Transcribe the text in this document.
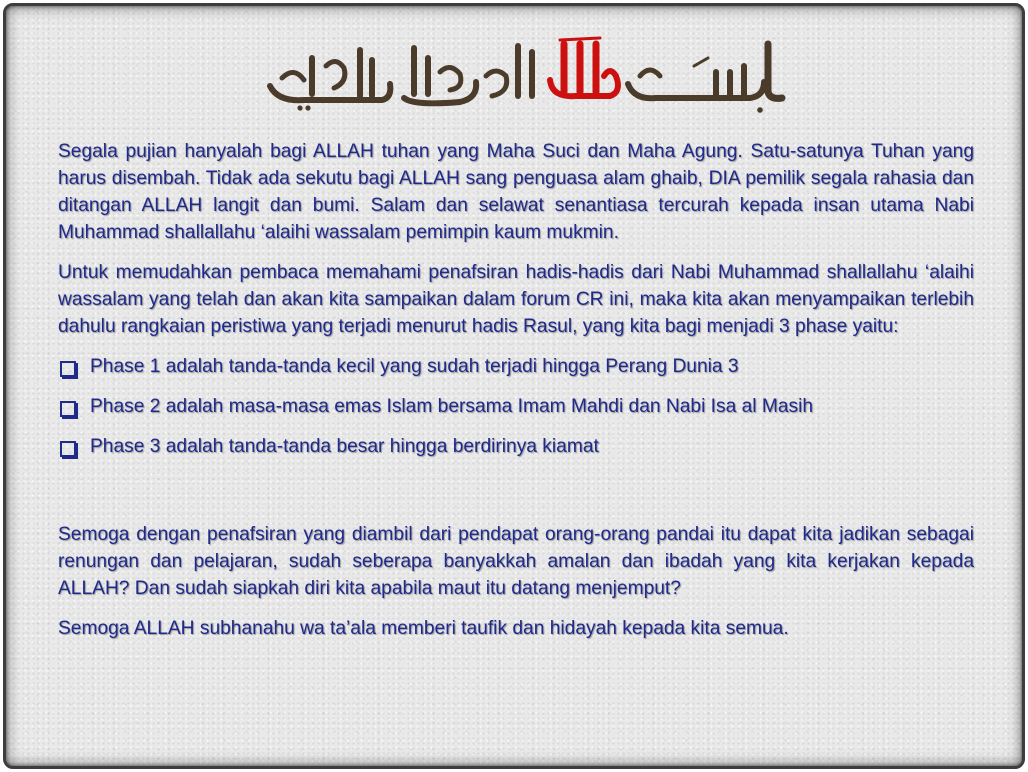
Segala pujian hanyalah bagi ALLAH tuhan yang Maha Suci dan Maha Agung. Satu-satunya Tuhan yang harus disembah. Tidak ada sekutu bagi ALLAH sang penguasa alam ghaib, DIA pemilik segala rahasia dan ditangan ALLAH langit dan bumi. Salam dan selawat senantiasa tercurah kepada insan utama Nabi Muhammad shallallahu ‘alaihi wassalam pemimpin kaum mukmin.

Untuk memudahkan pembaca memahami penafsiran hadis-hadis dari Nabi Muhammad shallallahu ‘alaihi wassalam yang telah dan akan kita sampaikan dalam forum CR ini, maka kita akan menyampaikan terlebih dahulu rangkaian peristiwa yang terjadi menurut hadis Rasul, yang kita bagi menjadi 3 phase yaitu:

Phase 1 adalah tanda-tanda kecil yang sudah terjadi hingga Perang Dunia 3
Phase 2 adalah masa-masa emas Islam bersama Imam Mahdi dan Nabi Isa al Masih
Phase 3 adalah tanda-tanda besar hingga berdirinya kiamat

Semoga dengan penafsiran yang diambil dari pendapat orang-orang pandai itu dapat kita jadikan sebagai renungan dan pelajaran, sudah seberapa banyakkah amalan dan ibadah yang kita kerjakan kepada ALLAH? Dan sudah siapkah diri kita apabila maut itu datang menjemput?

Semoga ALLAH subhanahu wa ta’ala memberi taufik dan hidayah kepada kita semua.
